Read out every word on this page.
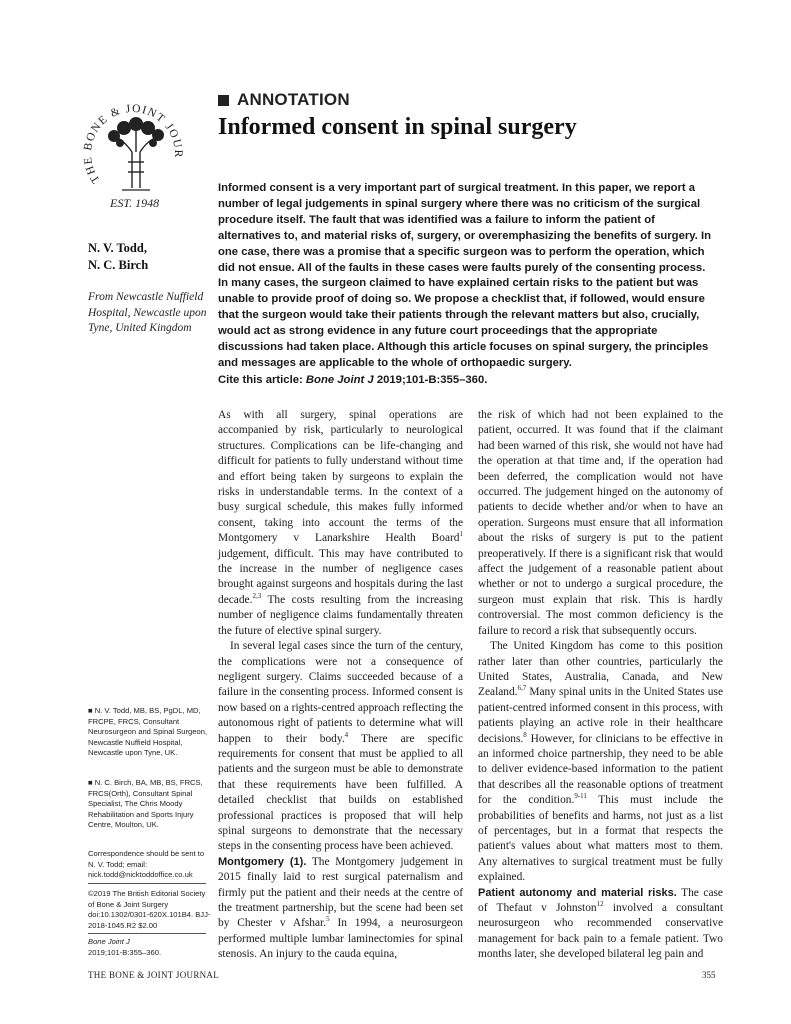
THE BONE & JOINT JOUR
EST. 1948
ANNOTATION
Informed consent in spinal surgery

Informed consent is a very important part of surgical treatment. In this paper, we report a number of legal judgements in spinal surgery where there was no criticism of the surgical procedure itself. The fault that was identified was a failure to inform the patient of alternatives to, and material risks of, surgery, or overemphasizing the benefits of surgery. In one case, there was a promise that a specific surgeon was to perform the operation, which did not ensue. All of the faults in these cases were faults purely of the consenting process. In many cases, the surgeon claimed to have explained certain risks to the patient but was unable to provide proof of doing so. We propose a checklist that, if followed, would ensure that the surgeon would take their patients through the relevant matters but also, crucially, would act as strong evidence in any future court proceedings that the appropriate discussions had taken place. Although this article focuses on spinal surgery, the principles and messages are applicable to the whole of orthopaedic surgery.

Cite this article: Bone Joint J 2019;101-B:355–360.
N. V. Todd,
N. C. Birch
From Newcastle Nuffield Hospital, Newcastle upon Tyne, United Kingdom

■ N. V. Todd, MB, BS, PgDL, MD, FRCPE, FRCS, Consultant Neurosurgeon and Spinal Surgeon, Newcastle Nuffield Hospital, Newcastle upon Tyne, UK.

■ N. C. Birch, BA, MB, BS, FRCS, FRCS(Orth), Consultant Spinal Specialist, The Chris Moody Rehabilitation and Sports Injury Centre, Moulton, UK.

Correspondence should be sent to N. V. Todd; email: nick.todd@nicktoddoffice.co.uk

©2019 The British Editorial Society of Bone & Joint Surgery doi:10.1302/0301-620X.101B4. BJJ-2018-1045.R2 $2.00

Bone Joint J

2019;101-B:355–360.

As with all surgery, spinal operations are accompanied by risk, particularly to neurological structures. Complications can be life-changing and difficult for patients to fully understand without time and effort being taken by surgeons to explain the risks in understandable terms. In the context of a busy surgical schedule, this makes fully informed consent, taking into account the terms of the Montgomery v Lanarkshire Health Board$^1$ judgement, difficult. This may have contributed to the increase in the number of negligence cases brought against surgeons and hospitals during the last decade.$^{2,3}$ The costs resulting from the increasing number of negligence claims fundamentally threaten the future of elective spinal surgery.

In several legal cases since the turn of the century, the complications were not a consequence of negligent surgery. Claims succeeded because of a failure in the consenting process. Informed consent is now based on a rights-centred approach reflecting the autonomous right of patients to determine what will happen to their body.$^4$ There are specific requirements for consent that must be applied to all patients and the surgeon must be able to demonstrate that these requirements have been fulfilled. A detailed checklist that builds on established professional practices is proposed that will help spinal surgeons to demonstrate that the necessary steps in the consenting process have been achieved.

Montgomery (1). The Montgomery judgement in 2015 finally laid to rest surgical paternalism and firmly put the patient and their needs at the centre of the treatment partnership, but the scene had been set by Chester v Afshar.$^5$ In 1994, a neurosurgeon performed multiple lumbar laminectomies for spinal stenosis. An injury to the cauda equina,

the risk of which had not been explained to the patient, occurred. It was found that if the claimant had been warned of this risk, she would not have had the operation at that time and, if the operation had been deferred, the complication would not have occurred. The judgement hinged on the autonomy of patients to decide whether and/or when to have an operation. Surgeons must ensure that all information about the risks of surgery is put to the patient preoperatively. If there is a significant risk that would affect the judgement of a reasonable patient about whether or not to undergo a surgical procedure, the surgeon must explain that risk. This is hardly controversial. The most common deficiency is the failure to record a risk that subsequently occurs.

The United Kingdom has come to this position rather later than other countries, particularly the United States, Australia, Canada, and New Zealand.$^{6,7}$ Many spinal units in the United States use patient-centred informed consent in this process, with patients playing an active role in their healthcare decisions.$^8$ However, for clinicians to be effective in an informed choice partnership, they need to be able to deliver evidence-based information to the patient that describes all the reasonable options of treatment for the condition.$^{9-11}$ This must include the probabilities of benefits and harms, not just as a list of percentages, but in a format that respects the patient's values about what matters most to them. Any alternatives to surgical treatment must be fully explained.

Patient autonomy and material risks. The case of Thefaut v Johnston$^{12}$ involved a consultant neurosurgeon who recommended conservative management for back pain to a female patient. Two months later, she developed bilateral leg pain and

THE BONE & JOINT JOURNAL	355
